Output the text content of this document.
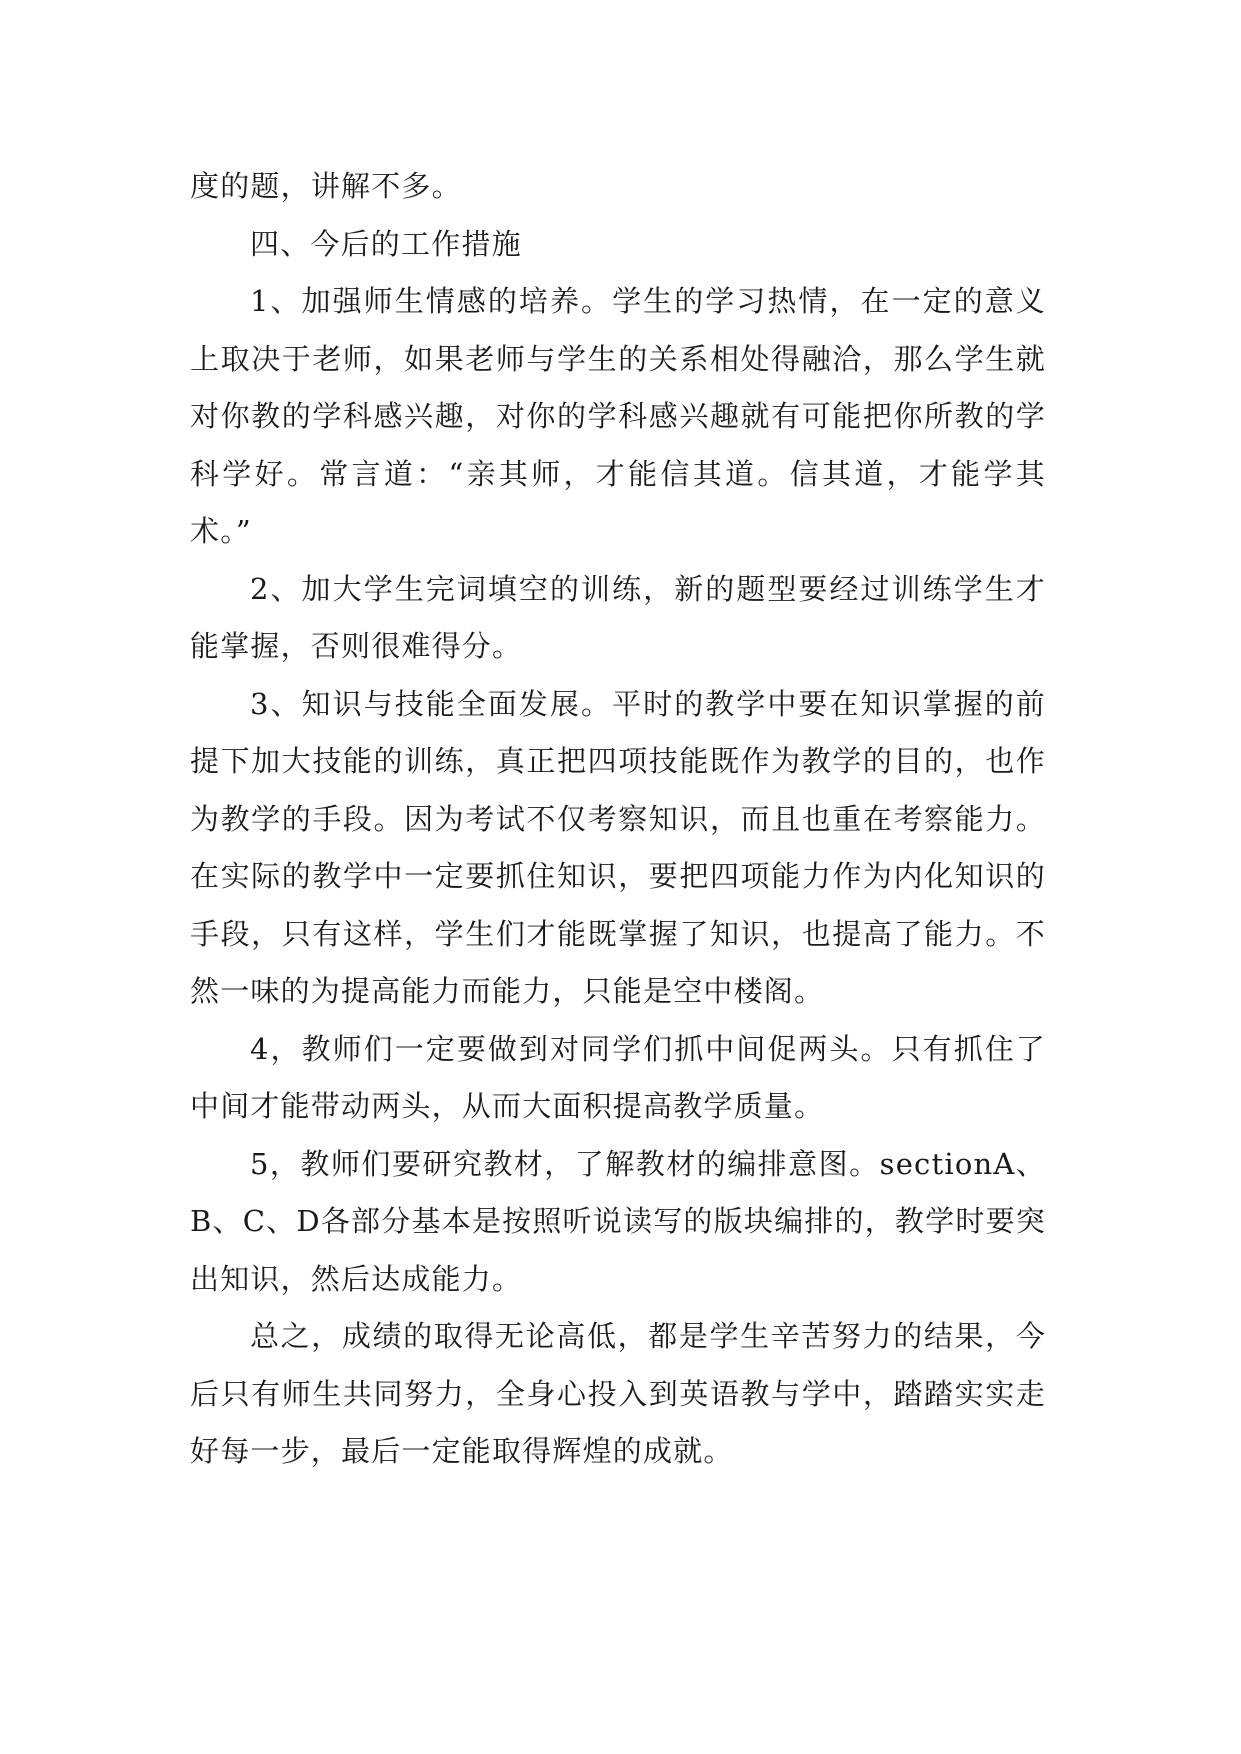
度的题，讲解不多。

四、今后的工作措施

1、加强师生情感的培养。学生的学习热情，在一定的意义上取决于老师，如果老师与学生的关系相处得融洽，那么学生就对你教的学科感兴趣，对你的学科感兴趣就有可能把你所教的学科学好。常言道：“亲其师，才能信其道。信其道，才能学其术。”

2、加大学生完词填空的训练，新的题型要经过训练学生才能掌握，否则很难得分。

3、知识与技能全面发展。平时的教学中要在知识掌握的前提下加大技能的训练，真正把四项技能既作为教学的目的，也作为教学的手段。因为考试不仅考察知识，而且也重在考察能力。在实际的教学中一定要抓住知识，要把四项能力作为内化知识的手段，只有这样，学生们才能既掌握了知识，也提高了能力。不然一味的为提高能力而能力，只能是空中楼阁。

4，教师们一定要做到对同学们抓中间促两头。只有抓住了中间才能带动两头，从而大面积提高教学质量。

5，教师们要研究教材，了解教材的编排意图。sectionA、B、C、D各部分基本是按照听说读写的版块编排的，教学时要突出知识，然后达成能力。

总之，成绩的取得无论高低，都是学生辛苦努力的结果，今后只有师生共同努力，全身心投入到英语教与学中，踏踏实实走好每一步，最后一定能取得辉煌的成就。
